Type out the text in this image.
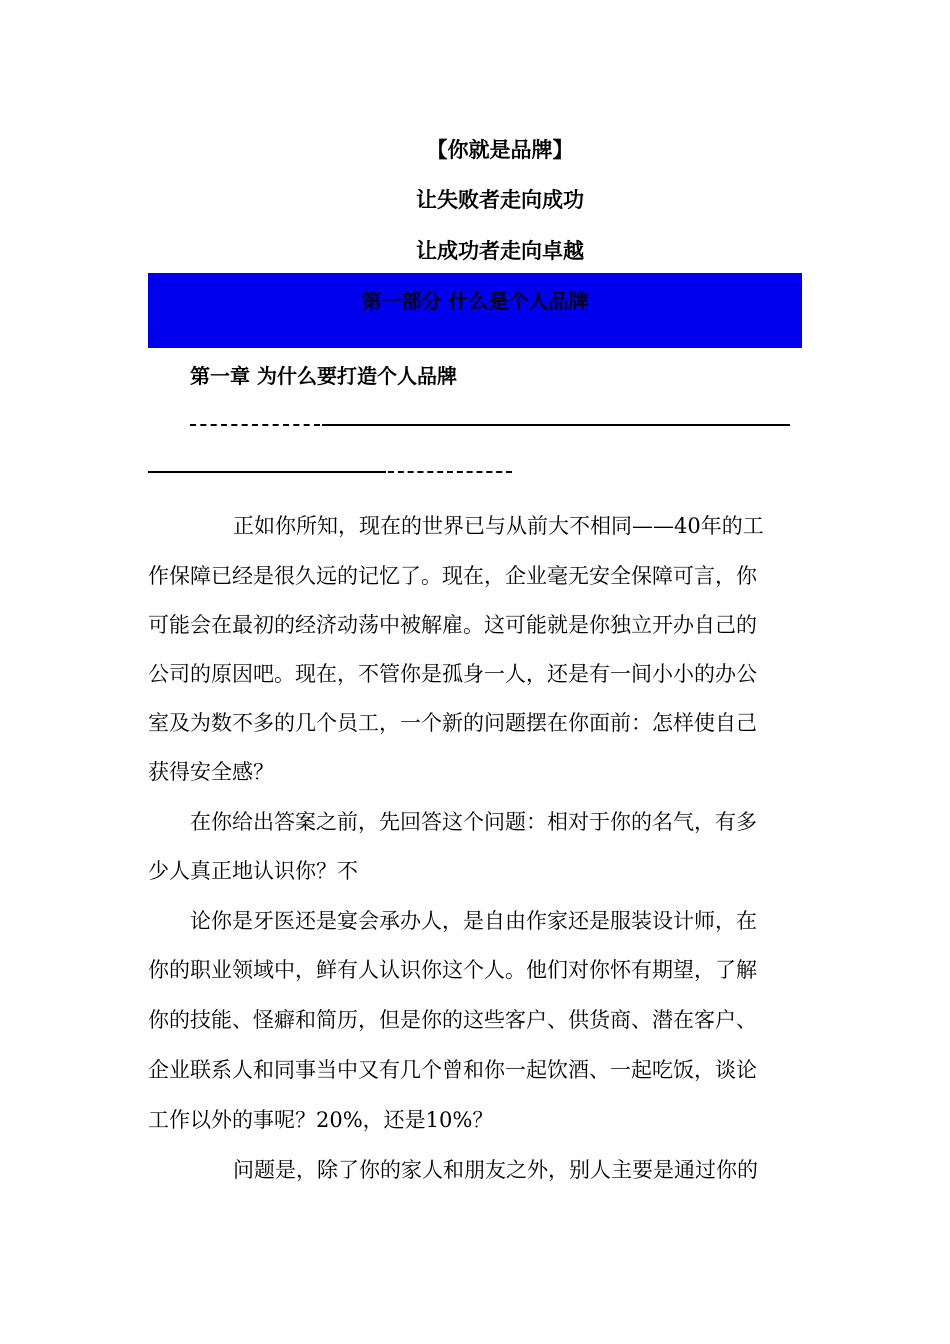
【你就是品牌】
让失败者走向成功
让成功者走向卓越
第一部分 什么是个人品牌
第一章 为什么要打造个人品牌
正如你所知，现在的世界已与从前大不相同——40年的工
作保障已经是很久远的记忆了。现在，企业毫无安全保障可言，你
可能会在最初的经济动荡中被解雇。这可能就是你独立开办自己的
公司的原因吧。现在，不管你是孤身一人，还是有一间小小的办公
室及为数不多的几个员工，一个新的问题摆在你面前：怎样使自己
获得安全感？
在你给出答案之前，先回答这个问题：相对于你的名气，有多
少人真正地认识你？不
论你是牙医还是宴会承办人，是自由作家还是服装设计师，在
你的职业领域中，鲜有人认识你这个人。他们对你怀有期望，了解
你的技能、怪癖和简历，但是你的这些客户、供货商、潜在客户、
企业联系人和同事当中又有几个曾和你一起饮酒、一起吃饭，谈论
工作以外的事呢？20%，还是10%？
问题是，除了你的家人和朋友之外，别人主要是通过你的
